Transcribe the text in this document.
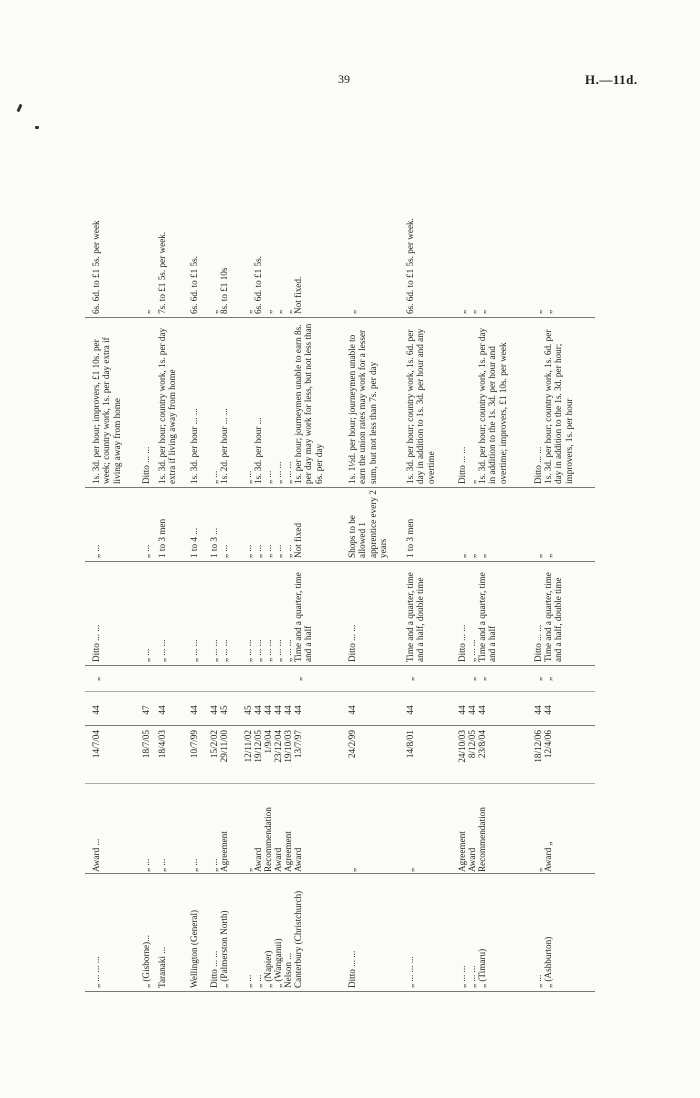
39	H.—11d.
„ ... ... ...
Award ...
14/7/04
44
„
Ditto ... ...
„ ...
1s. 3d. per hour; improvers, £1 10s. per week; country work, 1s. per day extra if living away from home
6s. 6d. to £1 5s. per week
„ (Gisborne)...
„ ...
18/7/05
47
„ ...
„ ...
Ditto ... ...
„
Taranaki ...
„ ...
18/4/03
44
„ ... ...
1 to 3 men
1s. 3d. per hour; country work, 1s. per day extra if living away from home
7s. to £1 5s. per week.
Wellington (General)
„ ...
10/7/99
44
„ ... ...
1 to 4 ...
1s. 3d. per hour ... ...
6s. 6d. to £1 5s.
Ditto ... ...
„ ...
15/2/02
44
„ ... ...
1 to 3 ...
„ ...
„
„ (Palmerston North)
Agreement
29/11/00
45
„ ... ...
„ ...
1s. 2d. per hour ... ...
8s. to £1 10s
„ ...
„
12/11/02
45
„ ... ...
„ ...
„ ...
„
„ ...
Award
19/12/05
44
„ ... ...
„ ...
1s. 3d. per hour ...
6s. 6d. to £1 5s.
„ (Napier)
Recommendation
1/9/04
44
„ ... ...
„ ...
„ ...
„
„ (Wanganui)
Award
23/12/04
44
„ ... ...
„ ...
„ ... ...
„
Nelson ...
Agreement
19/10/03
44
„ ... ...
„ ...
„ ... ...
„
Canterbury (Christchurch)
Award
13/7/97
44
„
Time and a quarter, time and a half
Not fixed
1s. per hour; journeymen unable to earn 8s. per day may work for less, but not less than 6s. per day
Not fixed.
Ditto ... ...
„
24/2/99
44
Ditto ... ...
Shops to be allowed 1 apprentice every 2 years
1s. 1½d. per hour; journeymen unable to earn the union rates may work for a lesser sum, but not less than 7s. per day
„
„ ... ... ...
„
14/8/01
44
„
Time and a quarter, time and a half, double time
1 to 3 men
1s. 3d. per hour; country work, 1s. 6d. per day in addition to 1s. 3d. per hour and any overtime
6s. 6d. to £1 5s. per week.
„ ... ...
Agreement
24/10/03
44
Ditto ... ...
„
Ditto ... ...
„
„ ... ...
Award
8/12/05
44
„
„ ... ...
„
„
„
„ (Timaru)
Recommendation
23/8/04
44
„
Time and a quarter, time and a half
„
1s. 3d. per hour; country work, 1s. per day in addition to the 1s. 3d. per hour and overtime; improvers, £1 10s. per week
„
„ ...
„
18/12/06
44
„
Ditto ... ...
„
Ditto ... ...
„
„ (Ashburton)
Award „
12/4/06
44
„
Time and a quarter, time and a half, double time
„
1s. 3d. per hour; country work, 1s. 6d. per day in addition to the 1s. 3d. per hour; improvers, 1s. per hour
„
